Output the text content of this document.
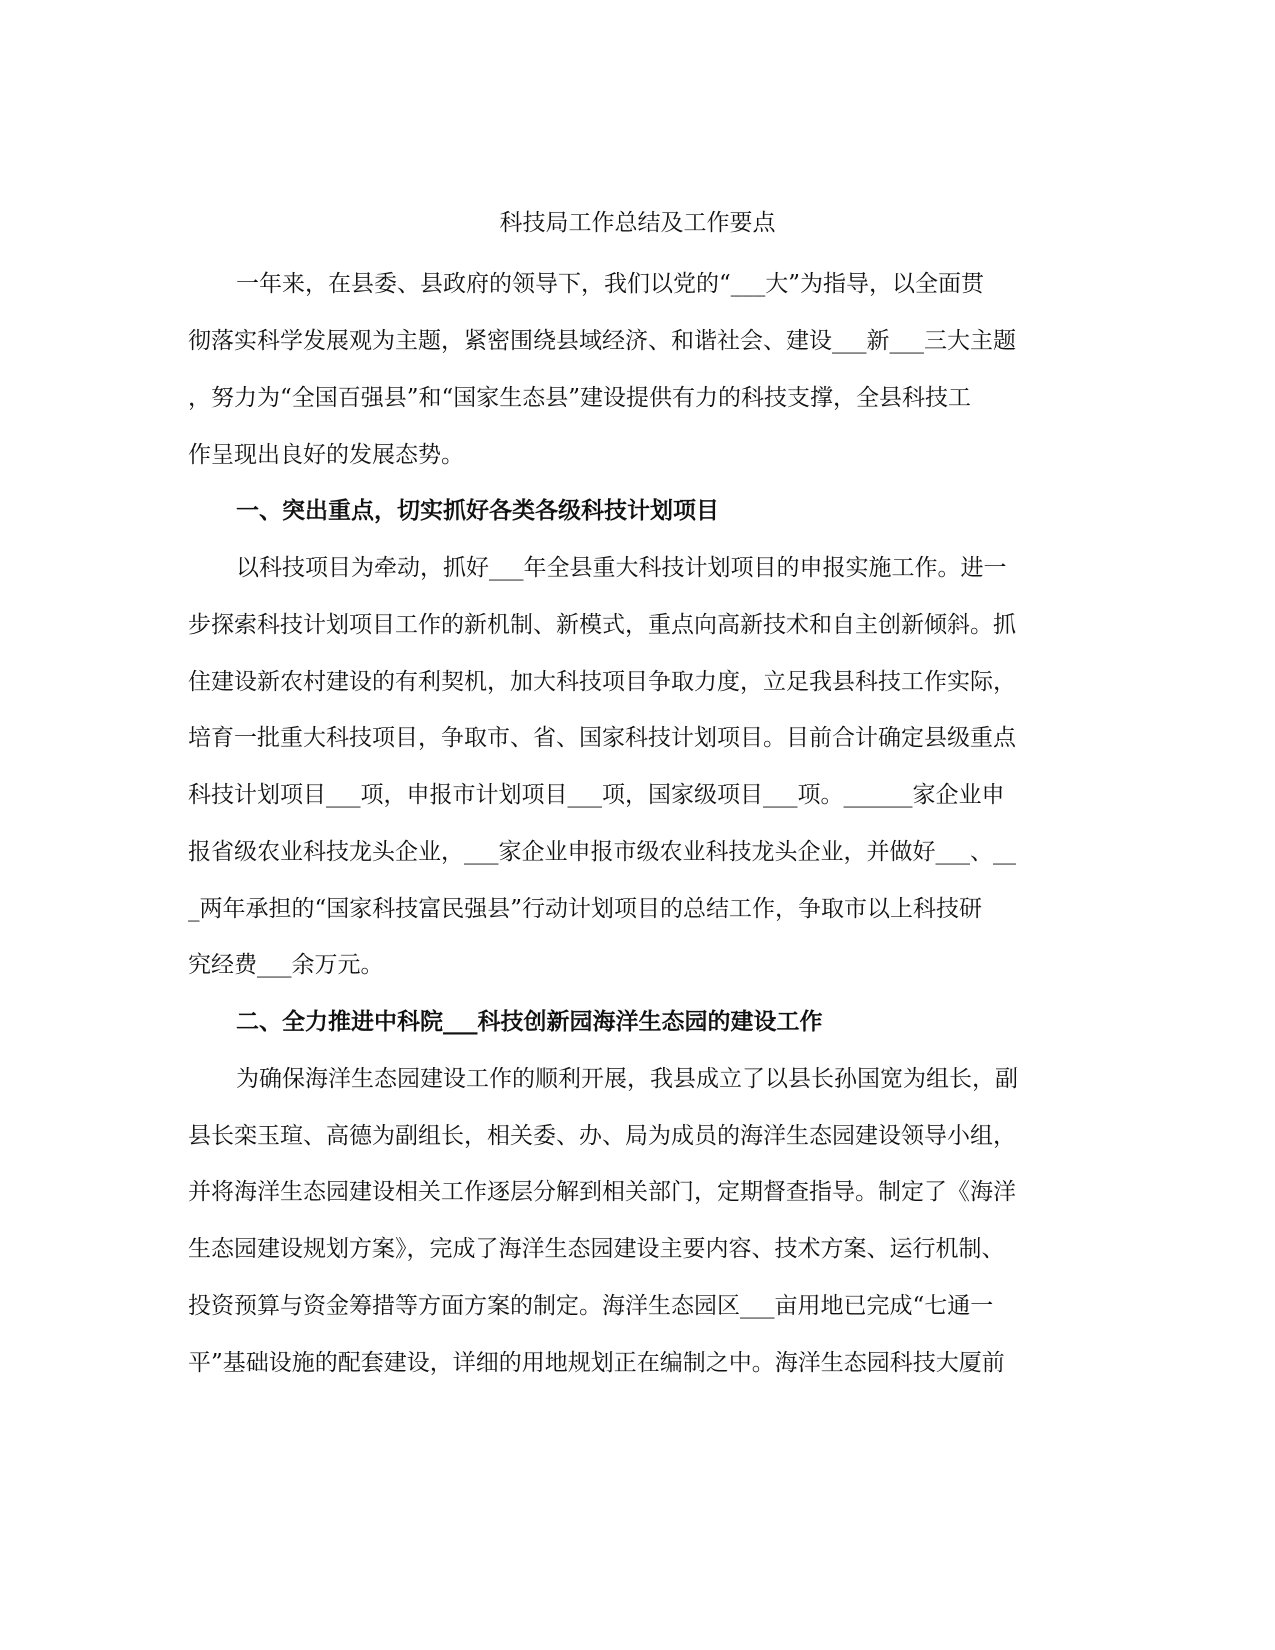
科技局工作总结及工作要点

一年来，在县委、县政府的领导下，我们以党的“___大”为指导，以全面贯

彻落实科学发展观为主题，紧密围绕县域经济、和谐社会、建设___新___三大主题

，努力为“全国百强县”和“国家生态县”建设提供有力的科技支撑，全县科技工

作呈现出良好的发展态势。

一、突出重点，切实抓好各类各级科技计划项目

以科技项目为牵动，抓好___年全县重大科技计划项目的申报实施工作。进一

步探索科技计划项目工作的新机制、新模式，重点向高新技术和自主创新倾斜。抓

住建设新农村建设的有利契机，加大科技项目争取力度，立足我县科技工作实际，

培育一批重大科技项目，争取市、省、国家科技计划项目。目前合计确定县级重点

科技计划项目___项，申报市计划项目___项，国家级项目___项。______家企业申

报省级农业科技龙头企业，___家企业申报市级农业科技龙头企业，并做好___、__

_两年承担的“国家科技富民强县”行动计划项目的总结工作，争取市以上科技研

究经费___余万元。

二、全力推进中科院___科技创新园海洋生态园的建设工作

为确保海洋生态园建设工作的顺利开展，我县成立了以县长孙国宽为组长，副

县长栾玉瑄、高德为副组长，相关委、办、局为成员的海洋生态园建设领导小组，

并将海洋生态园建设相关工作逐层分解到相关部门，定期督查指导。制定了《海洋

生态园建设规划方案》，完成了海洋生态园建设主要内容、技术方案、运行机制、

投资预算与资金筹措等方面方案的制定。海洋生态园区___亩用地已完成“七通一

平”基础设施的配套建设，详细的用地规划正在编制之中。海洋生态园科技大厦前
